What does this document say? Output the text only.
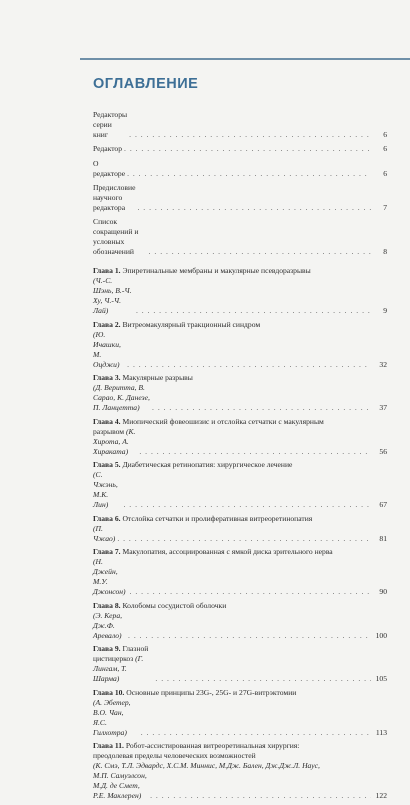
ОГЛАВЛЕНИЕ
Редакторы серии книг . . .	6
Редактор . . .	6
О редакторе . . .	6
Предисловие научного редактора . . .	7
Список сокращений и условных обозначений . . .	8
Глава 1. Эпиретинальные мембраны и макулярные псевдоразрывы
(Ч.-С. Шэнь, В.-Ч. Ху, Ч.-Ч. Лай) . . .	9
Глава 2. Витреомакулярный тракционный синдром
(Ю. Ичашки, М. Оцджи) . . .	32
Глава 3. Макулярные разрывы
(Д. Веритта, В. Сарао, К. Данезе, П. Ланцетта) . . .	37
Глава 4. Миопический фовеошизис и отслойка сетчатки с макулярным
разрывом (К. Хирота, А. Хираката) . . .	56
Глава 5. Диабетическая ретинопатия: хирургическое лечение
(С. Чжэнь, М.К. Лин) . . .	67
Глава 6. Отслойка сетчатки и пролиферативная витреоретинопатия
(П. Чжао) . . .	81
Глава 7. Макулопатия, ассоциированная с ямкой диска зрительного нерва
(Н. Джейн, М.У. Джонсон) . . .	90
Глава 8. Колобомы сосудистой оболочки
(Э. Кера, Дж.Ф. Аревало) . . .	100
Глава 9. Глазной цистицеркоз (Г. Лингам, Т. Шарма) . . .	105
Глава 10. Основные принципы 23G-, 25G- и 27G-витрэктомии
(А. Эбетер, В.О. Чан, Я.С. Гилхотра) . . .	113
Глава 11. Робот-ассистированная витреоретинальная хирургия:
преодолевая пределы человеческих возможностей
(К. Смэ, Т.Л. Эдвардс, Х.С.М. Миннис, М.Дж. Бален, Дж.Дж.Л. Наус,
М.П. Самуэлсон, М.Д. де Смет, Р.Е. Маклерен) . . .	122
